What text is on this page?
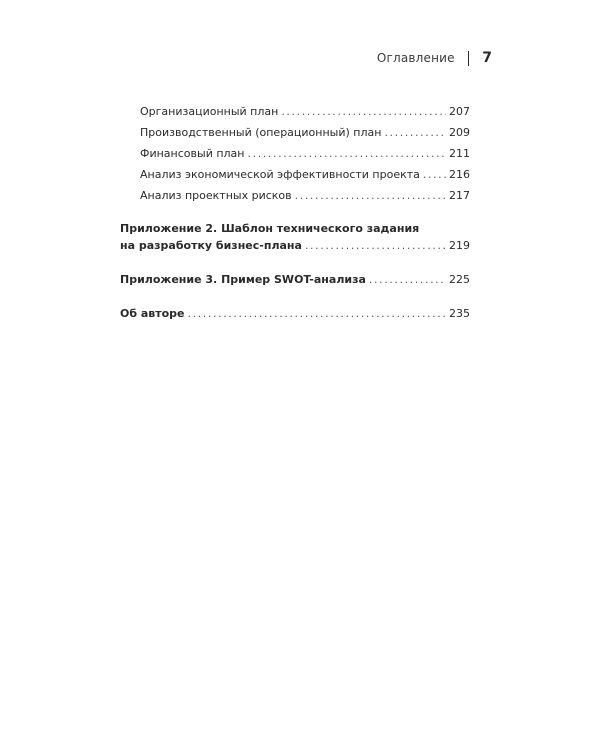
Оглавление 7
Организационный план .....	207
Производственный (операционный) план .....	209
Финансовый план .....	211
Анализ экономической эффективности проекта .....	216
Анализ проектных рисков .....	217
Приложение 2. Шаблон технического задания
на разработку бизнес-плана .....	219
Приложение 3. Пример SWOT-анализа .....	225
Об авторе .....	235
